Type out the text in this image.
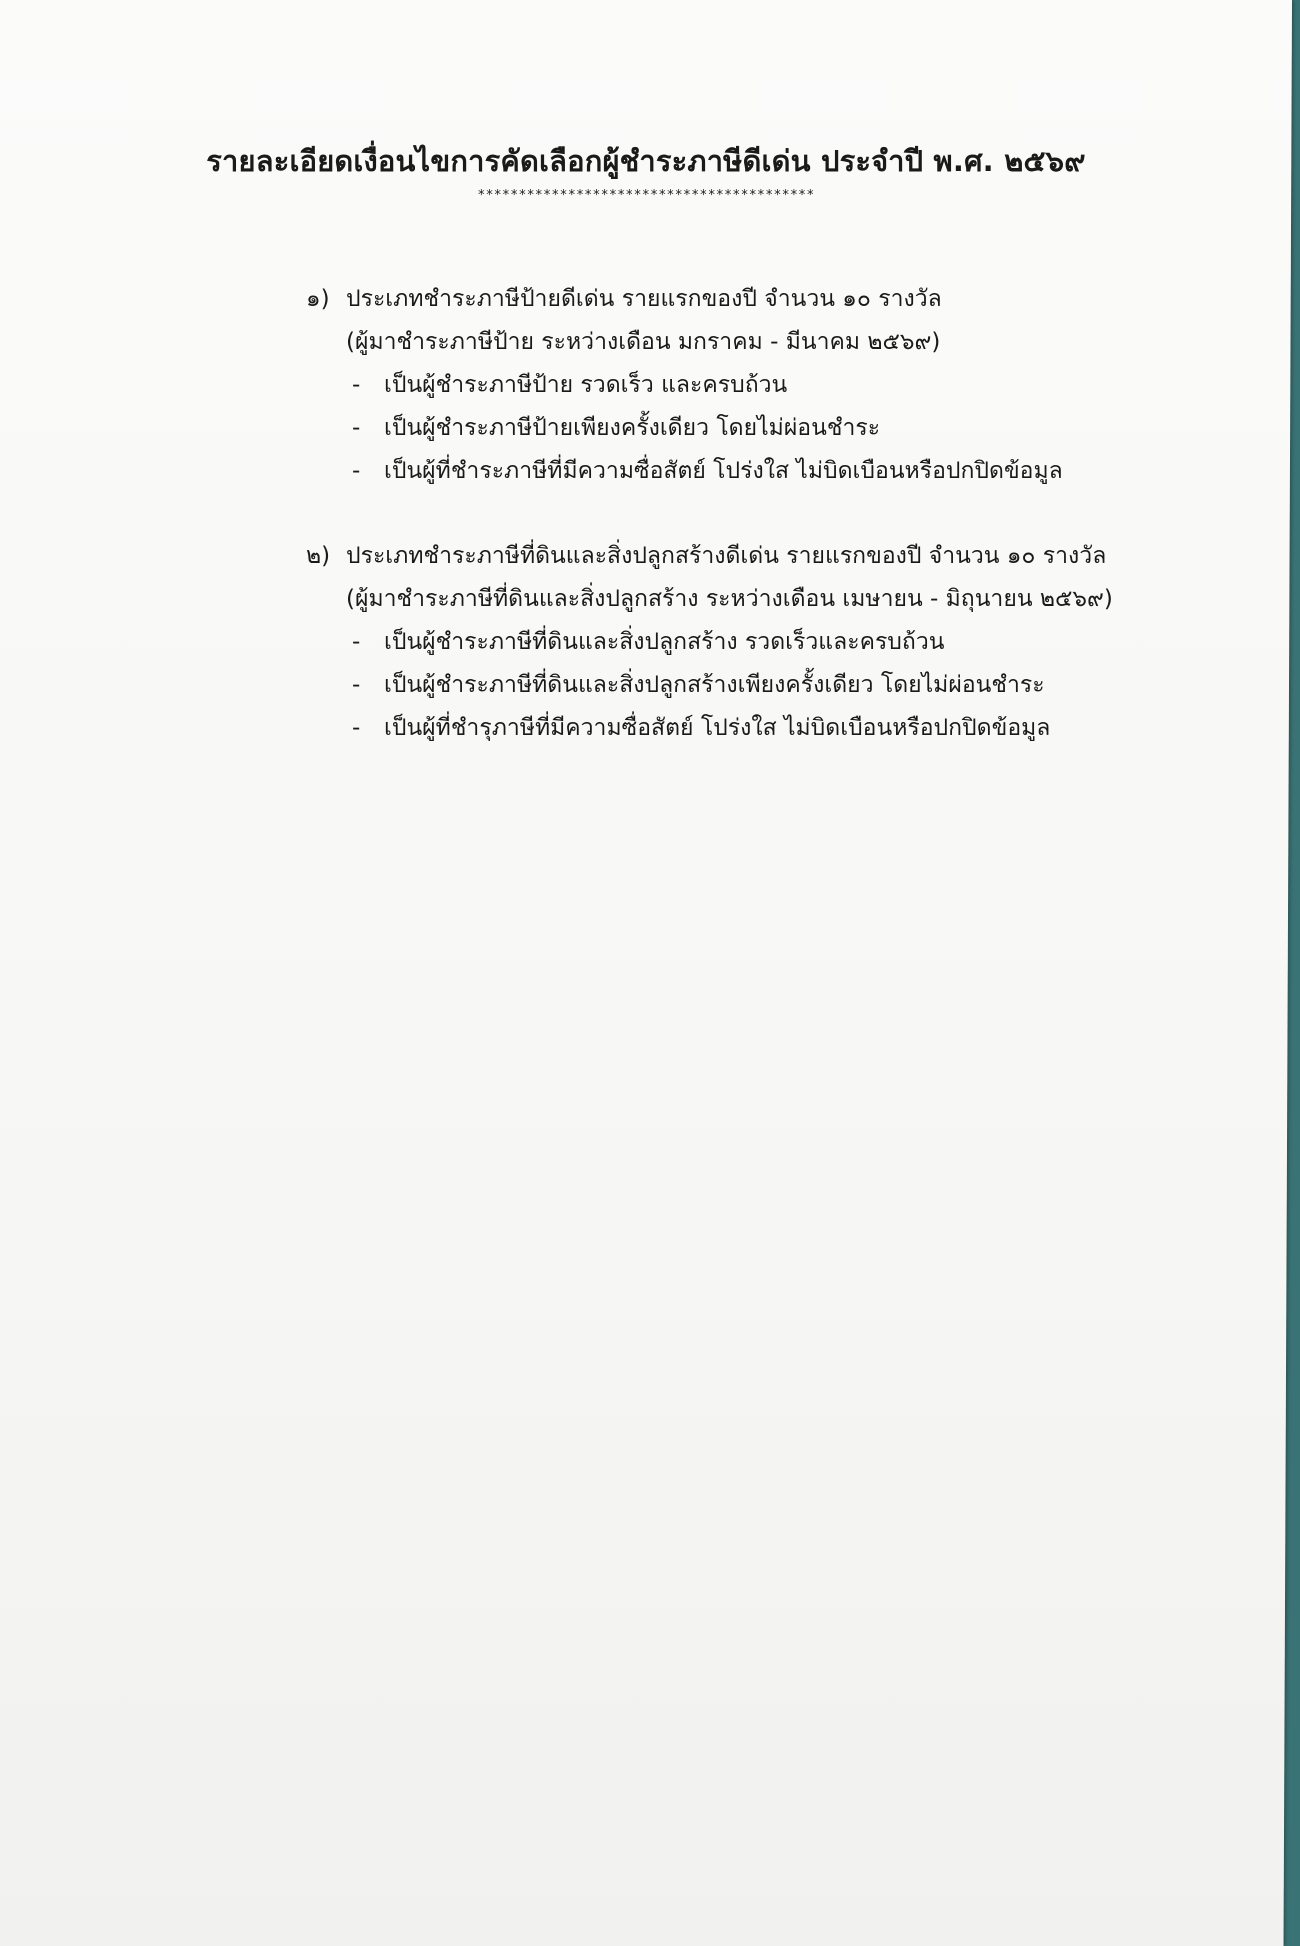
รายละเอียดเงื่อนไขการคัดเลือกผู้ชำระภาษีดีเด่น ประจำปี พ.ศ. ๒๕๖๙
*****************************************
๑) ประเภทชำระภาษีป้ายดีเด่น รายแรกของปี จำนวน ๑๐ รางวัล
(ผู้มาชำระภาษีป้าย ระหว่างเดือน มกราคม - มีนาคม ๒๕๖๙)
- เป็นผู้ชำระภาษีป้าย รวดเร็ว และครบถ้วน
- เป็นผู้ชำระภาษีป้ายเพียงครั้งเดียว โดยไม่ผ่อนชำระ
- เป็นผู้ที่ชำระภาษีที่มีความซื่อสัตย์ โปร่งใส ไม่บิดเบือนหรือปกปิดข้อมูล
๒) ประเภทชำระภาษีที่ดินและสิ่งปลูกสร้างดีเด่น รายแรกของปี จำนวน ๑๐ รางวัล
(ผู้มาชำระภาษีที่ดินและสิ่งปลูกสร้าง ระหว่างเดือน เมษายน - มิถุนายน ๒๕๖๙)
- เป็นผู้ชำระภาษีที่ดินและสิ่งปลูกสร้าง รวดเร็วและครบถ้วน
- เป็นผู้ชำระภาษีที่ดินและสิ่งปลูกสร้างเพียงครั้งเดียว โดยไม่ผ่อนชำระ
- เป็นผู้ที่ชำรุภาษีที่มีความซื่อสัตย์ โปร่งใส ไม่บิดเบือนหรือปกปิดข้อมูล
